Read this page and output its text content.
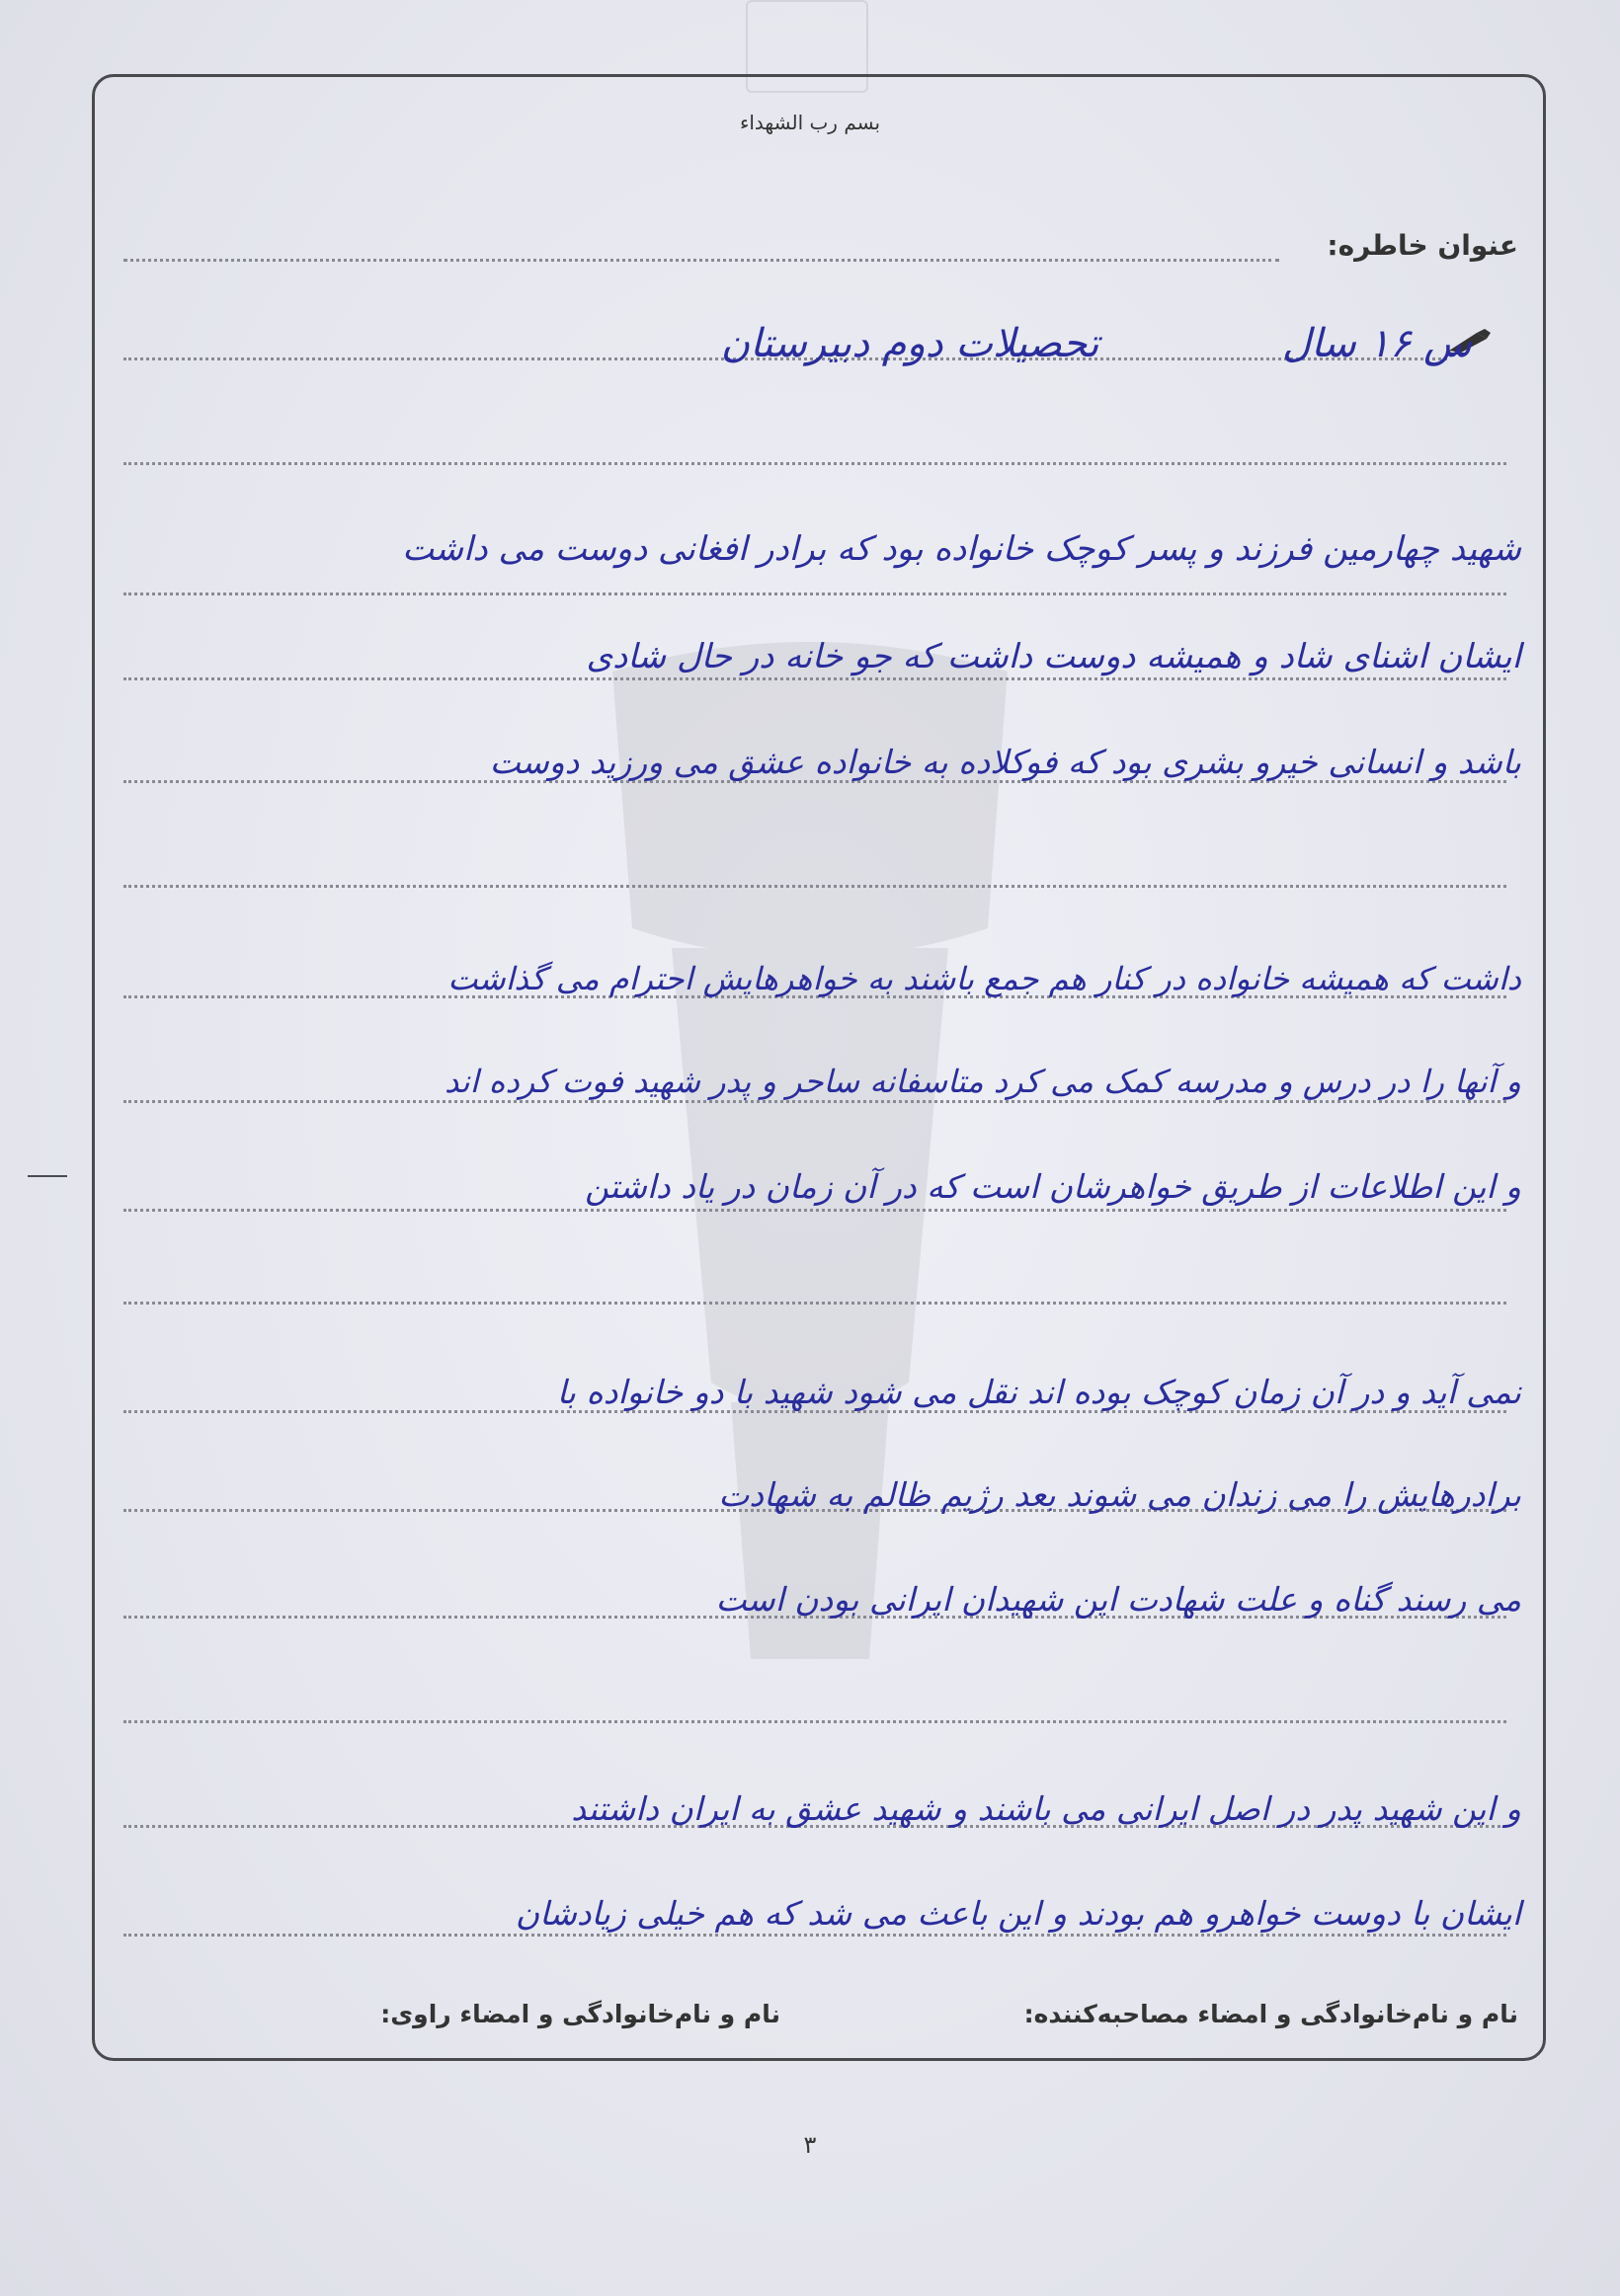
بسم رب الشهداء
عنوان خاطره:
س ۱۶ سال  تحصیلات دوم دبیرستان
شهید چهارمین فرزند و پسر کوچک خانواده بود که برادر افغانی دوست می داشت
ایشان اشنای شاد و همیشه دوست داشت که جو خانه در حال شادی
باشد و انسانی خیرو بشری بود که فوکلاده به خانواده عشق می ورزید دوست
داشت که همیشه خانواده در کنار هم جمع باشند به خواهرهایش احترام می گذاشت
و آنها را در درس و مدرسه کمک می کرد متاسفانه ساحر و پدر شهید فوت کرده اند
و این اطلاعات از طریق خواهرشان است که در آن زمان در یاد داشتن
نمی آید و در آن زمان کوچک بوده اند نقل می شود شهید با دو خانواده با
برادرهایش را می زندان می شوند بعد رژیم ظالم به شهادت
می رسند گناه و علت شهادت این شهیدان ایرانی بودن است
و این شهید پدر در اصل ایرانی می باشند و شهید عشق به ایران داشتند
ایشان با دوست خواهرو هم بودند و این باعث می شد که هم خیلی زیادشان
نام و نام‌خانوادگی و امضاء مصاحبه‌کننده:
نام و نام‌خانوادگی و امضاء راوی:
۳
